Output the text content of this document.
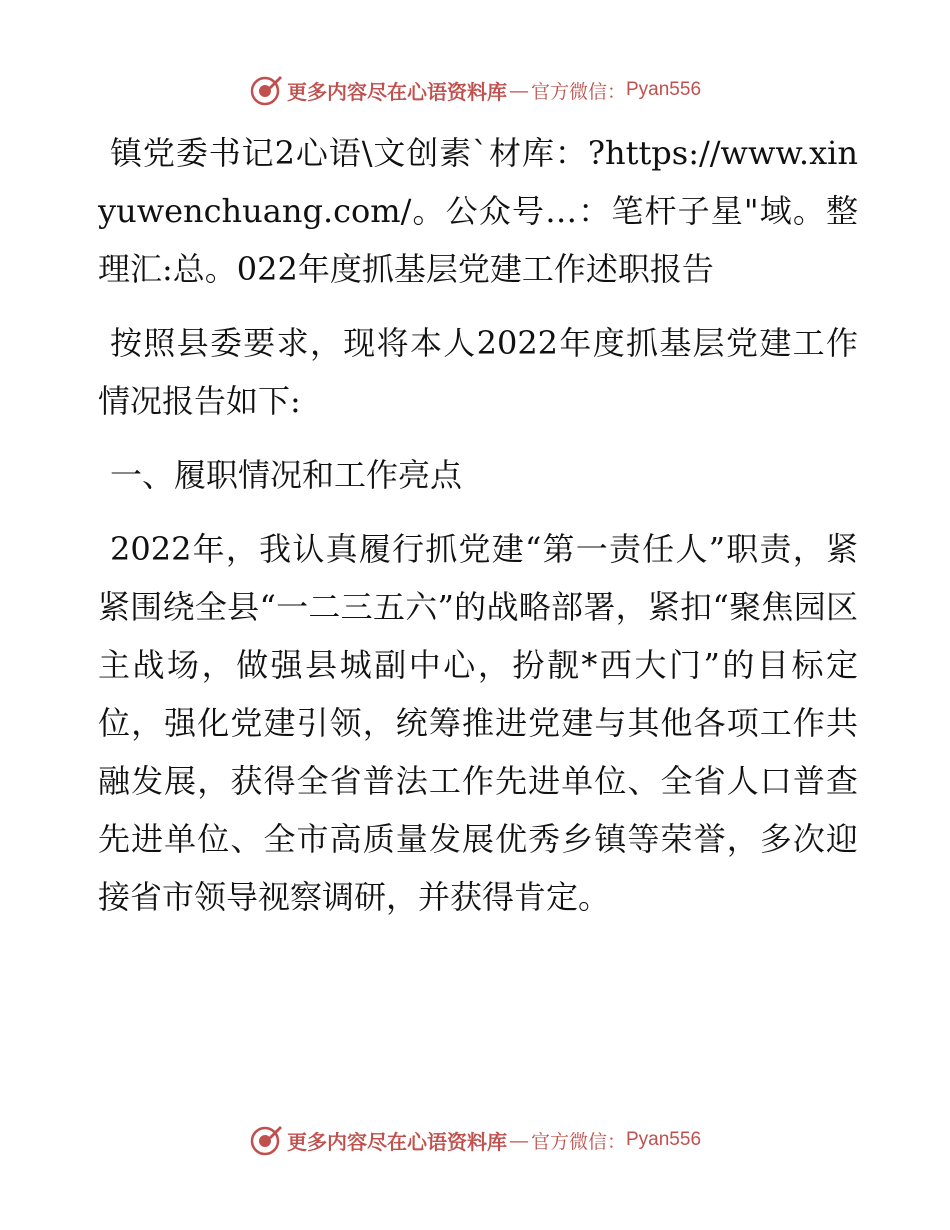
更多内容尽在心语资料库 — 官方微信： Pyan556

镇党委书记2心语\文创素`材库：?https://www.xinyuwenchuang.com/。公众号…：笔杆子星"域。整理汇:总。022年度抓基层党建工作述职报告

按照县委要求，现将本人2022年度抓基层党建工作情况报告如下:

一、履职情况和工作亮点

2022年，我认真履行抓党建“第一责任人”职责，紧紧围绕全县“一二三五六”的战略部署，紧扣“聚焦园区主战场，做强县城副中心，扮靓*西大门”的目标定位，强化党建引领，统筹推进党建与其他各项工作共融发展，获得全省普法工作先进单位、全省人口普查先进单位、全市高质量发展优秀乡镇等荣誉，多次迎接省市领导视察调研，并获得肯定。

更多内容尽在心语资料库 — 官方微信： Pyan556
